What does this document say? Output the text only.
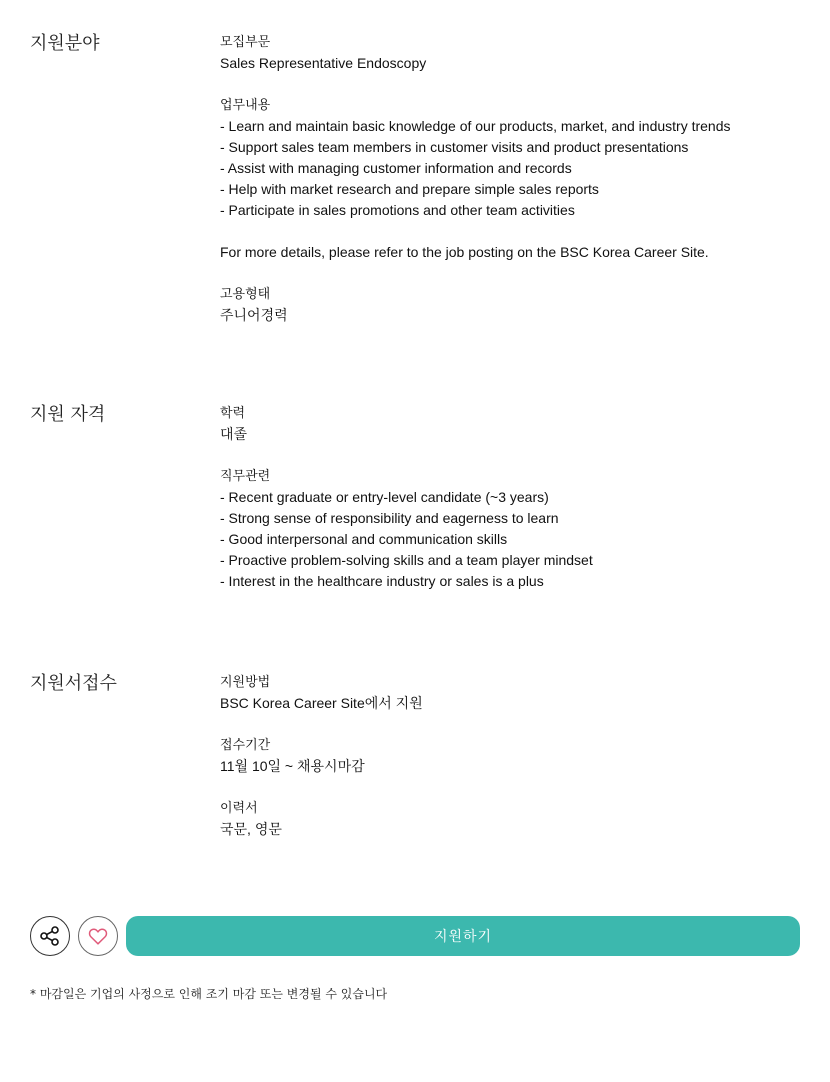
지원분야	모집부문
Sales Representative Endoscopy
업무내용
- Learn and maintain basic knowledge of our products, market, and industry trends
- Support sales team members in customer visits and product presentations
- Assist with managing customer information and records
- Help with market research and prepare simple sales reports
- Participate in sales promotions and other team activities
For more details, please refer to the job posting on the BSC Korea Career Site.
고용형태
주니어경력
지원 자격	학력
대졸
직무관련
- Recent graduate or entry-level candidate (~3 years)
- Strong sense of responsibility and eagerness to learn
- Good interpersonal and communication skills
- Proactive problem-solving skills and a team player mindset
- Interest in the healthcare industry or sales is a plus
지원서접수	지원방법
BSC Korea Career Site에서 지원
접수기간
11월 10일 ~ 채용시마감
이력서
국문, 영문
지원하기
* 마감일은 기업의 사정으로 인해 조기 마감 또는 변경될 수 있습니다
